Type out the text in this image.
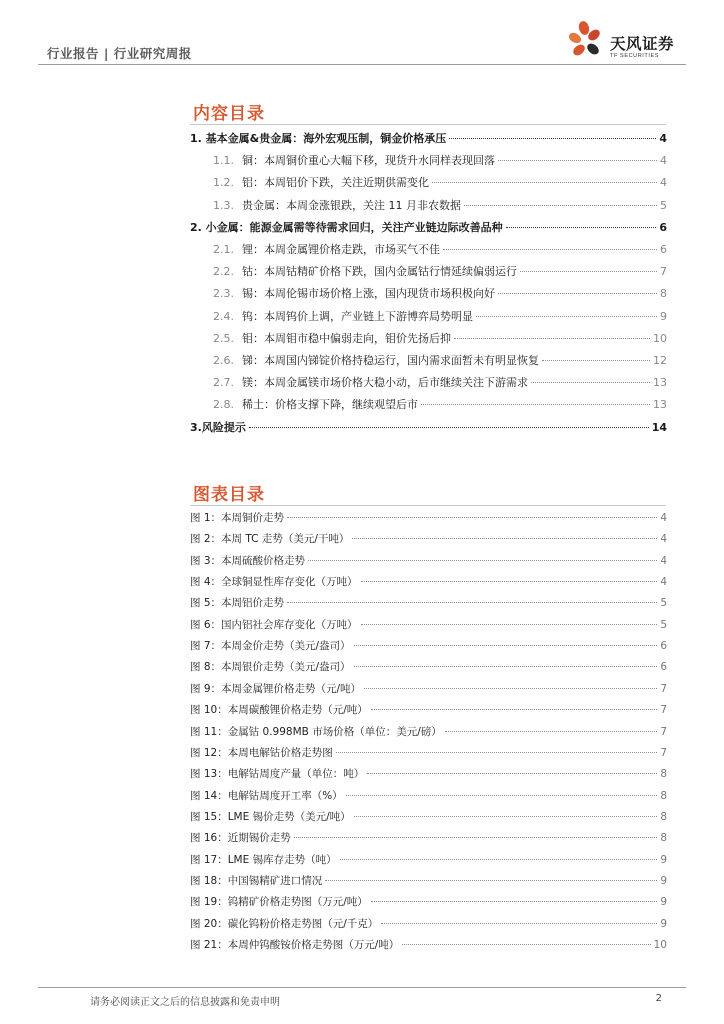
行业报告 | 行业研究周报
天风证券
TF SECURITIES
内容目录
1. 基本金属&贵金属：海外宏观压制，铜金价格承压	4
1.1. 铜：本周铜价重心大幅下移，现货升水同样表现回落	4
1.2. 铝：本周铝价下跌，关注近期供需变化	4
1.3. 贵金属：本周金涨银跌，关注 11 月非农数据	5
2. 小金属：能源金属需等待需求回归，关注产业链边际改善品种	6
2.1. 锂：本周金属锂价格走跌，市场买气不佳	6
2.2. 钴：本周钴精矿价格下跌，国内金属钴行情延续偏弱运行	7
2.3. 锡：本周伦锡市场价格上涨，国内现货市场积极向好	8
2.4. 钨：本周钨价上调，产业链上下游博弈局势明显	9
2.5. 钼：本周钼市稳中偏弱走向，钼价先扬后抑	10
2.6. 锑：本周国内锑锭价格持稳运行，国内需求面暂未有明显恢复	12
2.7. 镁：本周金属镁市场价格大稳小动，后市继续关注下游需求	13
2.8. 稀土：价格支撑下降，继续观望后市	13
3.风险提示	14
图表目录
图 1：本周铜价走势	4
图 2：本周 TC 走势（美元/干吨）	4
图 3：本周硫酸价格走势	4
图 4：全球铜显性库存变化（万吨）	4
图 5：本周铝价走势	5
图 6：国内铝社会库存变化（万吨）	5
图 7：本周金价走势（美元/盎司）	6
图 8：本周银价走势（美元/盎司）	6
图 9：本周金属锂价格走势（元/吨）	7
图 10：本周碳酸锂价格走势（元/吨）	7
图 11：金属钴 0.998MB 市场价格（单位：美元/磅）	7
图 12：本周电解钴价格走势图	7
图 13：电解钴周度产量（单位：吨）	8
图 14：电解钴周度开工率（%）	8
图 15：LME 锡价走势（美元/吨）	8
图 16：近期锡价走势	8
图 17：LME 锡库存走势（吨）	9
图 18：中国锡精矿进口情况	9
图 19：钨精矿价格走势图（万元/吨）	9
图 20：碳化钨粉价格走势图（元/千克）	9
图 21：本周仲钨酸铵价格走势图（万元/吨）	10
请务必阅读正文之后的信息披露和免责申明	2
